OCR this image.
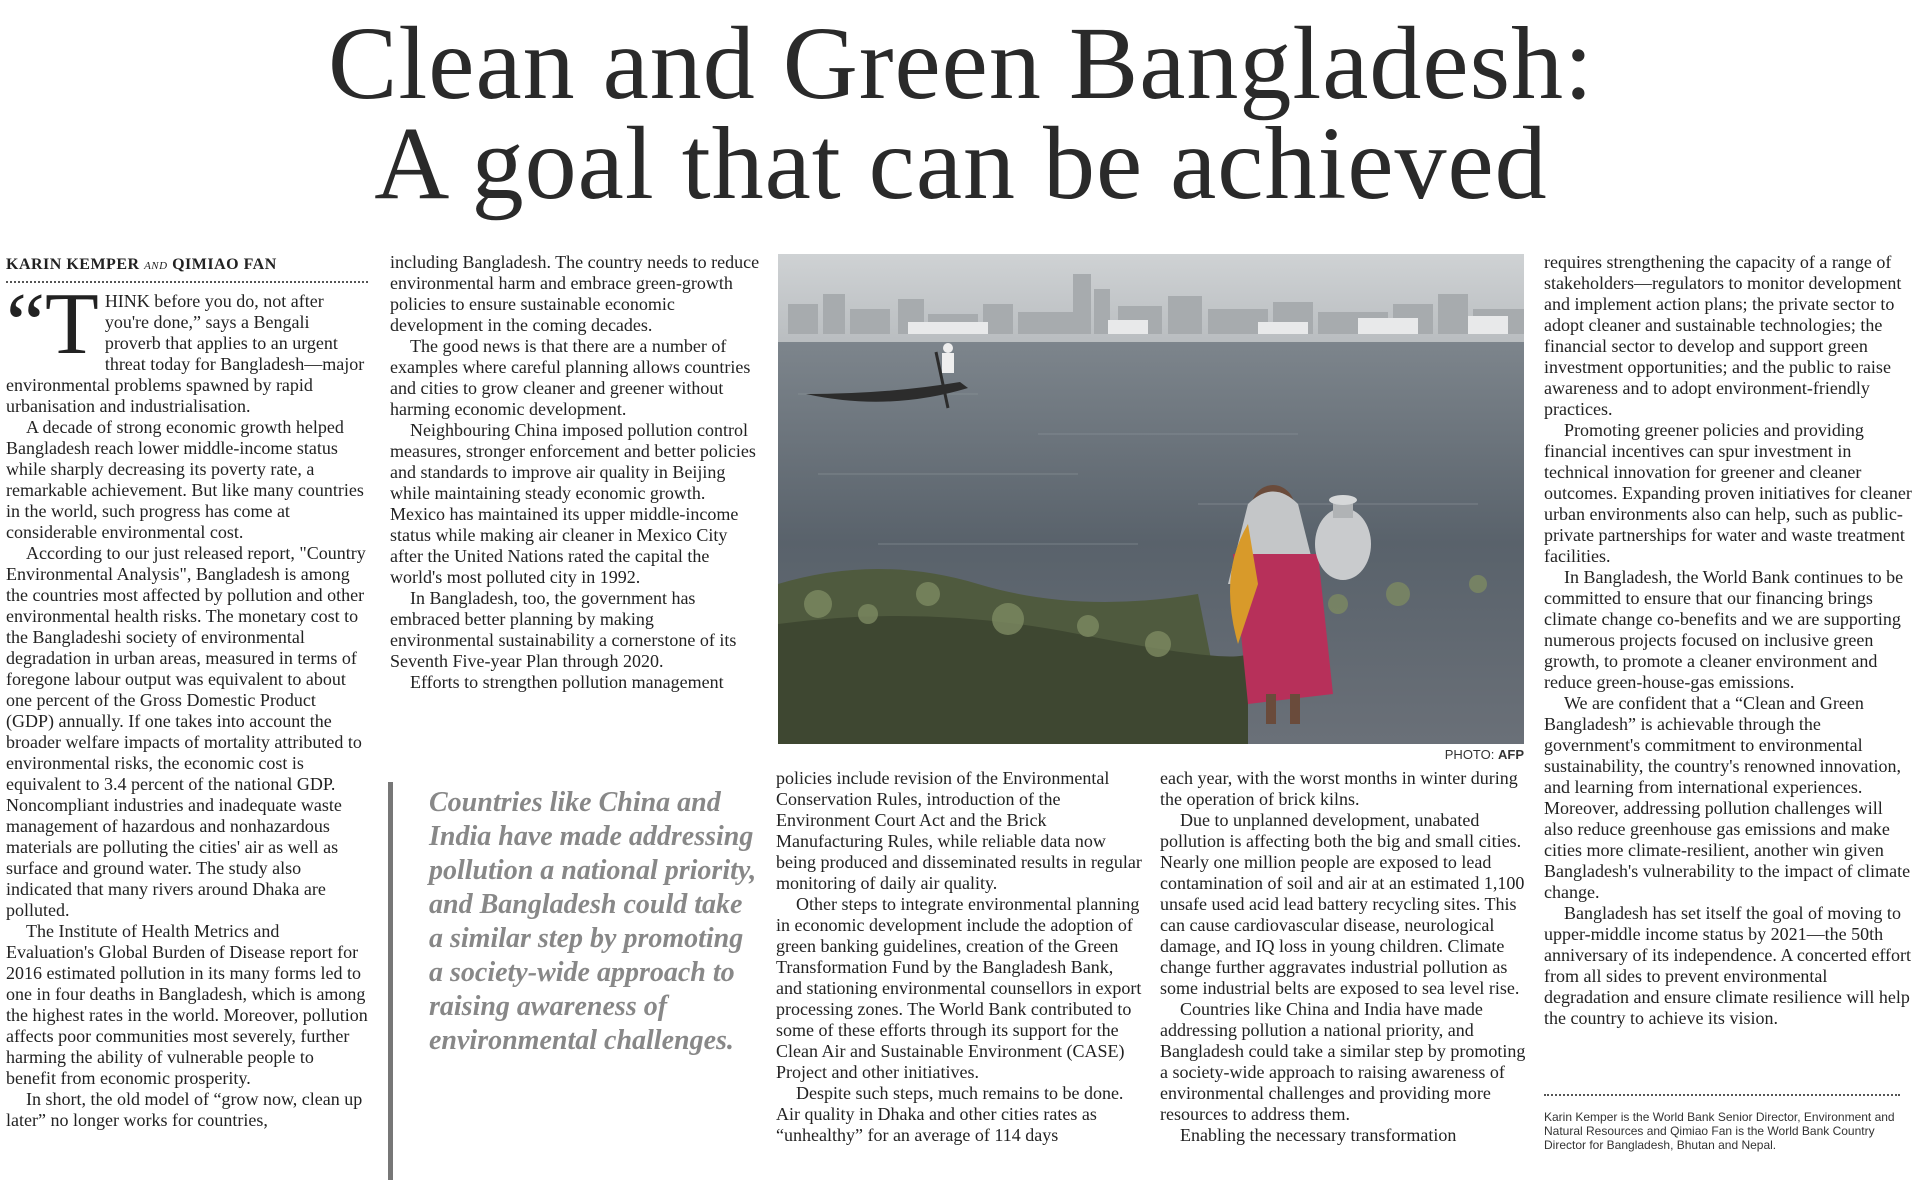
Clean and Green Bangladesh:
A goal that can be achieved
KARIN KEMPER and QIMIAO FAN

“THINK before you do, not after you're done,” says a Bengali proverb that applies to an urgent threat today for Bangladesh—major environmental problems spawned by rapid urbanisation and industrialisation.

A decade of strong economic growth helped Bangladesh reach lower middle-income status while sharply decreasing its poverty rate, a remarkable achievement. But like many countries in the world, such progress has come at considerable environmental cost.

According to our just released report, "Country Environmental Analysis", Bangladesh is among the countries most affected by pollution and other environmental health risks. The monetary cost to the Bangladeshi society of environmental degradation in urban areas, measured in terms of foregone labour output was equivalent to about one percent of the Gross Domestic Product (GDP) annually. If one takes into account the broader welfare impacts of mortality attributed to environmental risks, the economic cost is equivalent to 3.4 percent of the national GDP. Noncompliant industries and inadequate waste management of hazardous and nonhazardous materials are polluting the cities' air as well as surface and ground water. The study also indicated that many rivers around Dhaka are polluted.

The Institute of Health Metrics and Evaluation's Global Burden of Disease report for 2016 estimated pollution in its many forms led to one in four deaths in Bangladesh, which is among the highest rates in the world. Moreover, pollution affects poor communities most severely, further harming the ability of vulnerable people to benefit from economic prosperity.

In short, the old model of “grow now, clean up later” no longer works for countries,

including Bangladesh. The country needs to reduce environmental harm and embrace green-growth policies to ensure sustainable economic development in the coming decades.

The good news is that there are a number of examples where careful planning allows countries and cities to grow cleaner and greener without harming economic development.

Neighbouring China imposed pollution control measures, stronger enforcement and better policies and standards to improve air quality in Beijing while maintaining steady economic growth. Mexico has maintained its upper middle-income status while making air cleaner in Mexico City after the United Nations rated the capital the world's most polluted city in 1992.

In Bangladesh, too, the government has embraced better planning by making environmental sustainability a cornerstone of its Seventh Five-year Plan through 2020.

Efforts to strengthen pollution management

Countries like China and India have made addressing pollution a national priority, and Bangladesh could take a similar step by promoting a society-wide approach to raising awareness of environmental challenges.
PHOTO: AFP

policies include revision of the Environmental Conservation Rules, introduction of the Environment Court Act and the Brick Manufacturing Rules, while reliable data now being produced and disseminated results in regular monitoring of daily air quality.

Other steps to integrate environmental planning in economic development include the adoption of green banking guidelines, creation of the Green Transformation Fund by the Bangladesh Bank, and stationing environmental counsellors in export processing zones. The World Bank contributed to some of these efforts through its support for the Clean Air and Sustainable Environment (CASE) Project and other initiatives.

Despite such steps, much remains to be done. Air quality in Dhaka and other cities rates as “unhealthy” for an average of 114 days

each year, with the worst months in winter during the operation of brick kilns.

Due to unplanned development, unabated pollution is affecting both the big and small cities. Nearly one million people are exposed to lead contamination of soil and air at an estimated 1,100 unsafe used acid lead battery recycling sites. This can cause cardiovascular disease, neurological damage, and IQ loss in young children. Climate change further aggravates industrial pollution as some industrial belts are exposed to sea level rise.

Countries like China and India have made addressing pollution a national priority, and Bangladesh could take a similar step by promoting a society-wide approach to raising awareness of environmental challenges and providing more resources to address them.

Enabling the necessary transformation

requires strengthening the capacity of a range of stakeholders—regulators to monitor development and implement action plans; the private sector to adopt cleaner and sustainable technologies; the financial sector to develop and support green investment opportunities; and the public to raise awareness and to adopt environment-friendly practices.

Promoting greener policies and providing financial incentives can spur investment in technical innovation for greener and cleaner outcomes. Expanding proven initiatives for cleaner urban environments also can help, such as public-private partnerships for water and waste treatment facilities.

In Bangladesh, the World Bank continues to be committed to ensure that our financing brings climate change co-benefits and we are supporting numerous projects focused on inclusive green growth, to promote a cleaner environment and reduce green-house-gas emissions.

We are confident that a “Clean and Green Bangladesh” is achievable through the government's commitment to environmental sustainability, the country's renowned innovation, and learning from international experiences. Moreover, addressing pollution challenges will also reduce greenhouse gas emissions and make cities more climate-resilient, another win given Bangladesh's vulnerability to the impact of climate change.

Bangladesh has set itself the goal of moving to upper-middle income status by 2021—the 50th anniversary of its independence. A concerted effort from all sides to prevent environmental degradation and ensure climate resilience will help the country to achieve its vision.

Karin Kemper is the World Bank Senior Director, Environment and Natural Resources and Qimiao Fan is the World Bank Country Director for Bangladesh, Bhutan and Nepal.
